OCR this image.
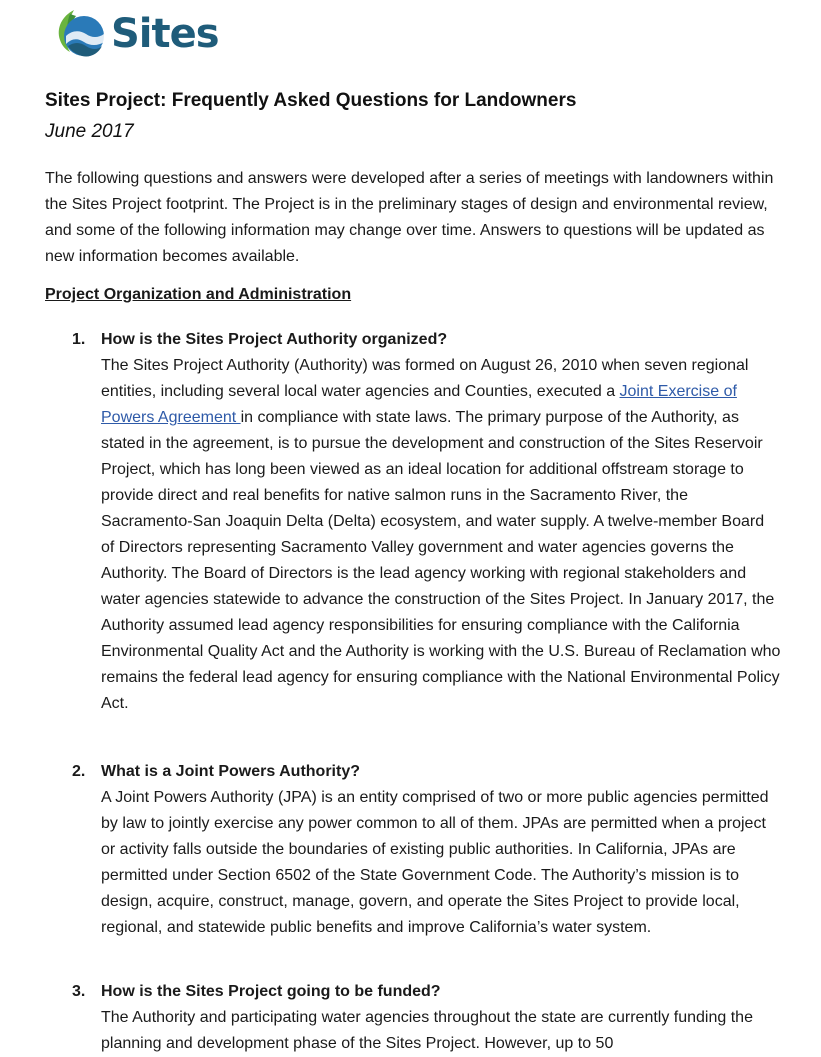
Sites
Sites Project: Frequently Asked Questions for Landowners

June 2017

The following questions and answers were developed after a series of meetings with landowners within the Sites Project footprint. The Project is in the preliminary stages of design and environmental review, and some of the following information may change over time. Answers to questions will be updated as new information becomes available.

Project Organization and Administration

1. How is the Sites Project Authority organized?

The Sites Project Authority (Authority) was formed on August 26, 2010 when seven regional entities, including several local water agencies and Counties, executed a Joint Exercise of Powers Agreement in compliance with state laws. The primary purpose of the Authority, as stated in the agreement, is to pursue the development and construction of the Sites Reservoir Project, which has long been viewed as an ideal location for additional offstream storage to provide direct and real benefits for native salmon runs in the Sacramento River, the Sacramento-San Joaquin Delta (Delta) ecosystem, and water supply. A twelve-member Board of Directors representing Sacramento Valley government and water agencies governs the Authority. The Board of Directors is the lead agency working with regional stakeholders and water agencies statewide to advance the construction of the Sites Project. In January 2017, the Authority assumed lead agency responsibilities for ensuring compliance with the California Environmental Quality Act and the Authority is working with the U.S. Bureau of Reclamation who remains the federal lead agency for ensuring compliance with the National Environmental Policy Act.

2. What is a Joint Powers Authority?

A Joint Powers Authority (JPA) is an entity comprised of two or more public agencies permitted by law to jointly exercise any power common to all of them. JPAs are permitted when a project or activity falls outside the boundaries of existing public authorities. In California, JPAs are permitted under Section 6502 of the State Government Code. The Authority’s mission is to design, acquire, construct, manage, govern, and operate the Sites Project to provide local, regional, and statewide public benefits and improve California’s water system.

3. How is the Sites Project going to be funded?

The Authority and participating water agencies throughout the state are currently funding the planning and development phase of the Sites Project. However, up to 50
